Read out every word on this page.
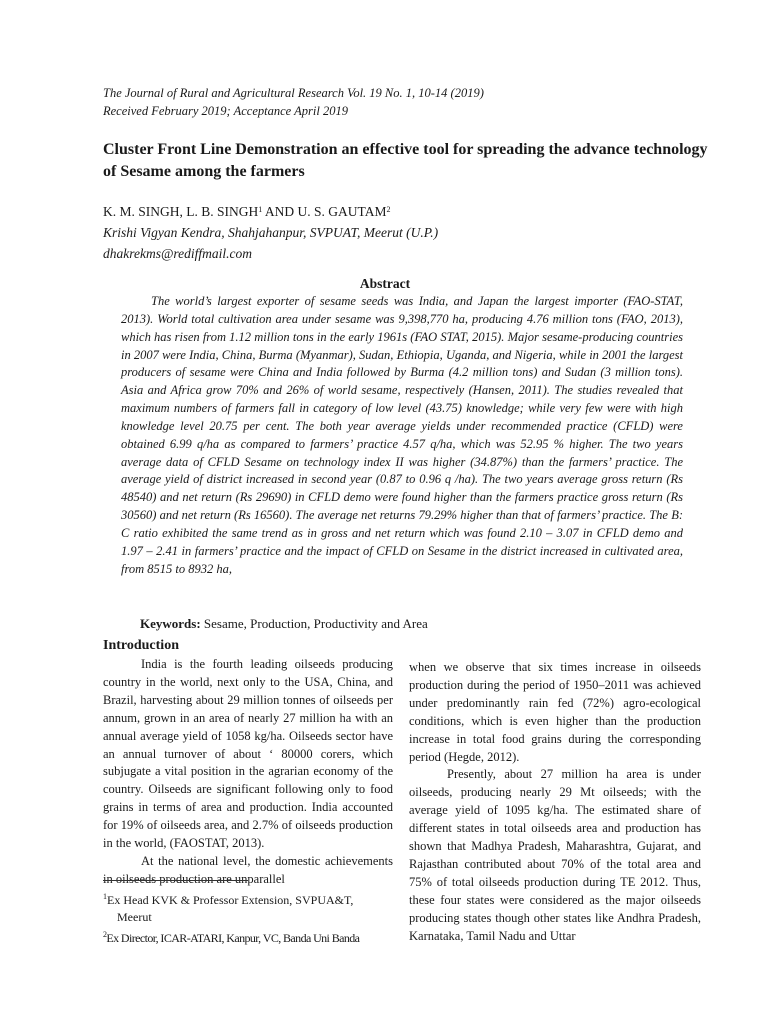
The Journal of Rural and Agricultural Research Vol. 19 No. 1, 10-14 (2019)
Received February 2019; Acceptance April 2019
Cluster Front Line Demonstration an effective tool for spreading the advance technology of Sesame among the farmers
K. M. SINGH, L. B. SINGH$^1$ AND U. S. GAUTAM$^2$
Krishi Vigyan Kendra, Shahjahanpur, SVPUAT, Meerut (U.P.)
dhakrekms@rediffmail.com
Abstract

The world’s largest exporter of sesame seeds was India, and Japan the largest importer (FAO-STAT, 2013). World total cultivation area under sesame was 9,398,770 ha, producing 4.76 million tons (FAO, 2013), which has risen from 1.12 million tons in the early 1961s (FAO STAT, 2015). Major sesame-producing countries in 2007 were India, China, Burma (Myanmar), Sudan, Ethiopia, Uganda, and Nigeria, while in 2001 the largest producers of sesame were China and India followed by Burma (4.2 million tons) and Sudan (3 million tons). Asia and Africa grow 70% and 26% of world sesame, respectively (Hansen, 2011). The studies revealed that maximum numbers of farmers fall in category of low level (43.75) knowledge; while very few were with high knowledge level 20.75 per cent. The both year average yields under recommended practice (CFLD) were obtained 6.99 q/ha as compared to farmers’ practice 4.57 q/ha, which was 52.95 % higher. The two years average data of CFLD Sesame on technology index II was higher (34.87%) than the farmers’ practice. The average yield of district increased in second year (0.87 to 0.96 q /ha). The two years average gross return (Rs 48540) and net return (Rs 29690) in CFLD demo were found higher than the farmers practice gross return (Rs 30560) and net return (Rs 16560). The average net returns 79.29% higher than that of farmers’ practice. The B: C ratio exhibited the same trend as in gross and net return which was found 2.10 – 3.07 in CFLD demo and 1.97 – 2.41 in farmers’ practice and the impact of CFLD on Sesame in the district increased in cultivated area, from 8515 to 8932 ha,

Keywords: Sesame, Production, Productivity and Area
Introduction

India is the fourth leading oilseeds producing country in the world, next only to the USA, China, and Brazil, harvesting about 29 million tonnes of oilseeds per annum, grown in an area of nearly 27 million ha with an annual average yield of 1058 kg/ha. Oilseeds sector have an annual turnover of about ‘ 80000 corers, which subjugate a vital position in the agrarian economy of the country. Oilseeds are significant following only to food grains in terms of area and production. India accounted for 19% of oilseeds area, and 2.7% of oilseeds production in the world, (FAOSTAT, 2013).

At the national level, the domestic achievements in oilseeds production are unparallel

$^1$Ex Head KVK & Professor Extension, SVPUA&T,

Meerut

$^2$Ex Director, ICAR-ATARI, Kanpur, VC, Banda Uni Banda

when we observe that six times increase in oilseeds production during the period of 1950–2011 was achieved under predominantly rain fed (72%) agro-ecological conditions, which is even higher than the production increase in total food grains during the corresponding period (Hegde, 2012).

Presently, about 27 million ha area is under oilseeds, producing nearly 29 Mt oilseeds; with the average yield of 1095 kg/ha. The estimated share of different states in total oilseeds area and production has shown that Madhya Pradesh, Maharashtra, Gujarat, and Rajasthan contributed about 70% of the total area and 75% of total oilseeds production during TE 2012. Thus, these four states were considered as the major oilseeds producing states though other states like Andhra Pradesh, Karnataka, Tamil Nadu and Uttar
